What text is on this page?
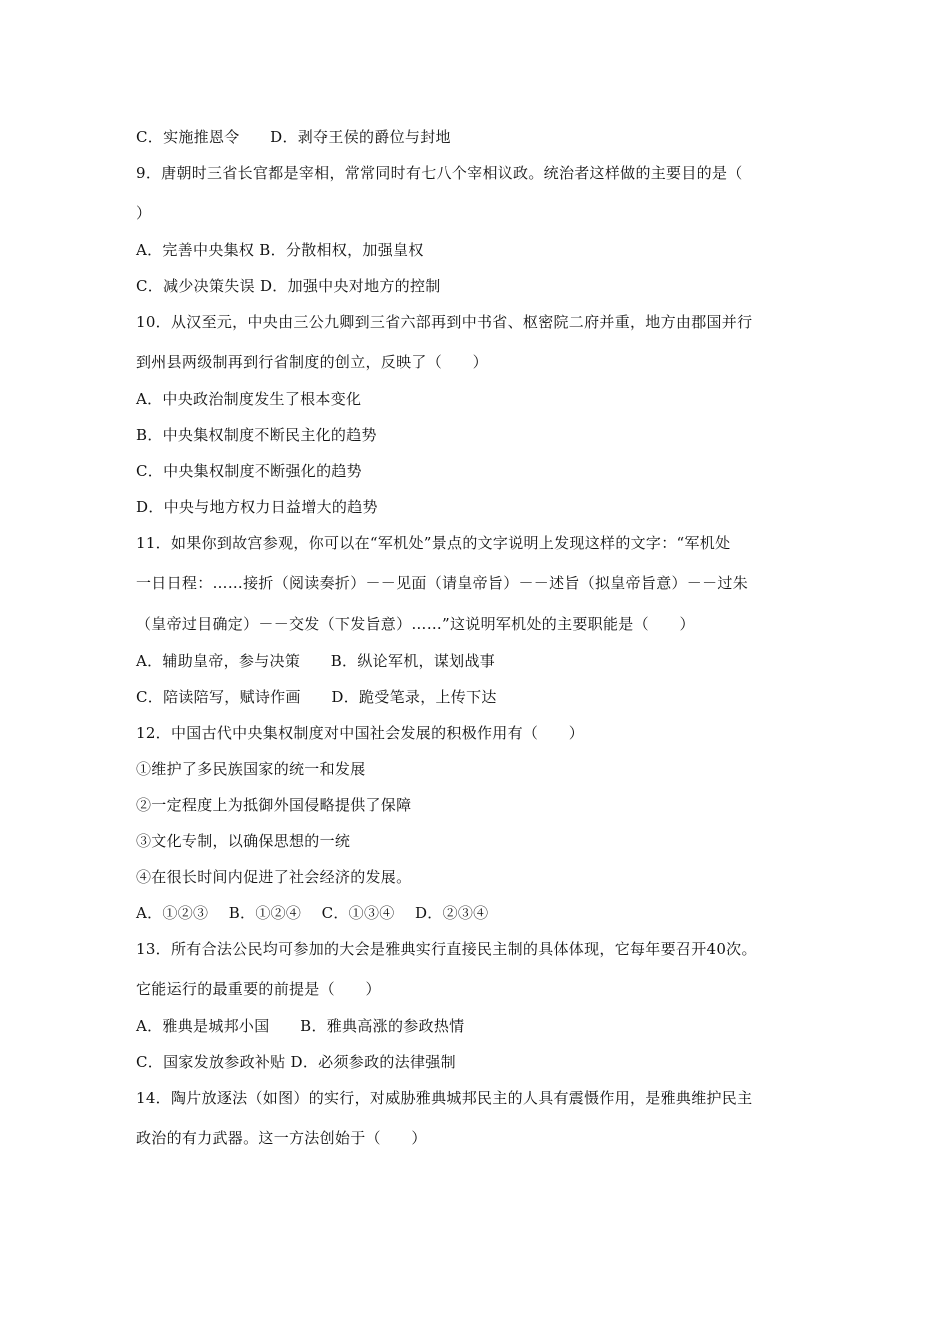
C．实施推恩令　　D．剥夺王侯的爵位与封地
9．唐朝时三省长官都是宰相，常常同时有七八个宰相议政。统治者这样做的主要目的是（
）
A．完善中央集权 B．分散相权，加强皇权
C．减少决策失误 D．加强中央对地方的控制
10．从汉至元，中央由三公九卿到三省六部再到中书省、枢密院二府并重，地方由郡国并行
到州县两级制再到行省制度的创立，反映了（　　）
A．中央政治制度发生了根本变化
B．中央集权制度不断民主化的趋势
C．中央集权制度不断强化的趋势
D．中央与地方权力日益增大的趋势
11．如果你到故宫参观，你可以在“军机处”景点的文字说明上发现这样的文字：“军机处
一日日程：……接折（阅读奏折）－－见面（请皇帝旨）－－述旨（拟皇帝旨意）－－过朱
（皇帝过目确定）－－交发（下发旨意）……”这说明军机处的主要职能是（　　）
A．辅助皇帝，参与决策　　B．纵论军机，谋划战事
C．陪读陪写，赋诗作画　　D．跪受笔录，上传下达
12．中国古代中央集权制度对中国社会发展的积极作用有（　　）
①维护了多民族国家的统一和发展
②一定程度上为抵御外国侵略提供了保障
③文化专制，以确保思想的一统
④在很长时间内促进了社会经济的发展。
A．①②③　 B．①②④　 C．①③④　 D．②③④
13．所有合法公民均可参加的大会是雅典实行直接民主制的具体体现，它每年要召开40次。
它能运行的最重要的前提是（　　）
A．雅典是城邦小国　　B．雅典高涨的参政热情
C．国家发放参政补贴 D．必须参政的法律强制
14．陶片放逐法（如图）的实行，对威胁雅典城邦民主的人具有震慑作用，是雅典维护民主
政治的有力武器。这一方法创始于（　　）
